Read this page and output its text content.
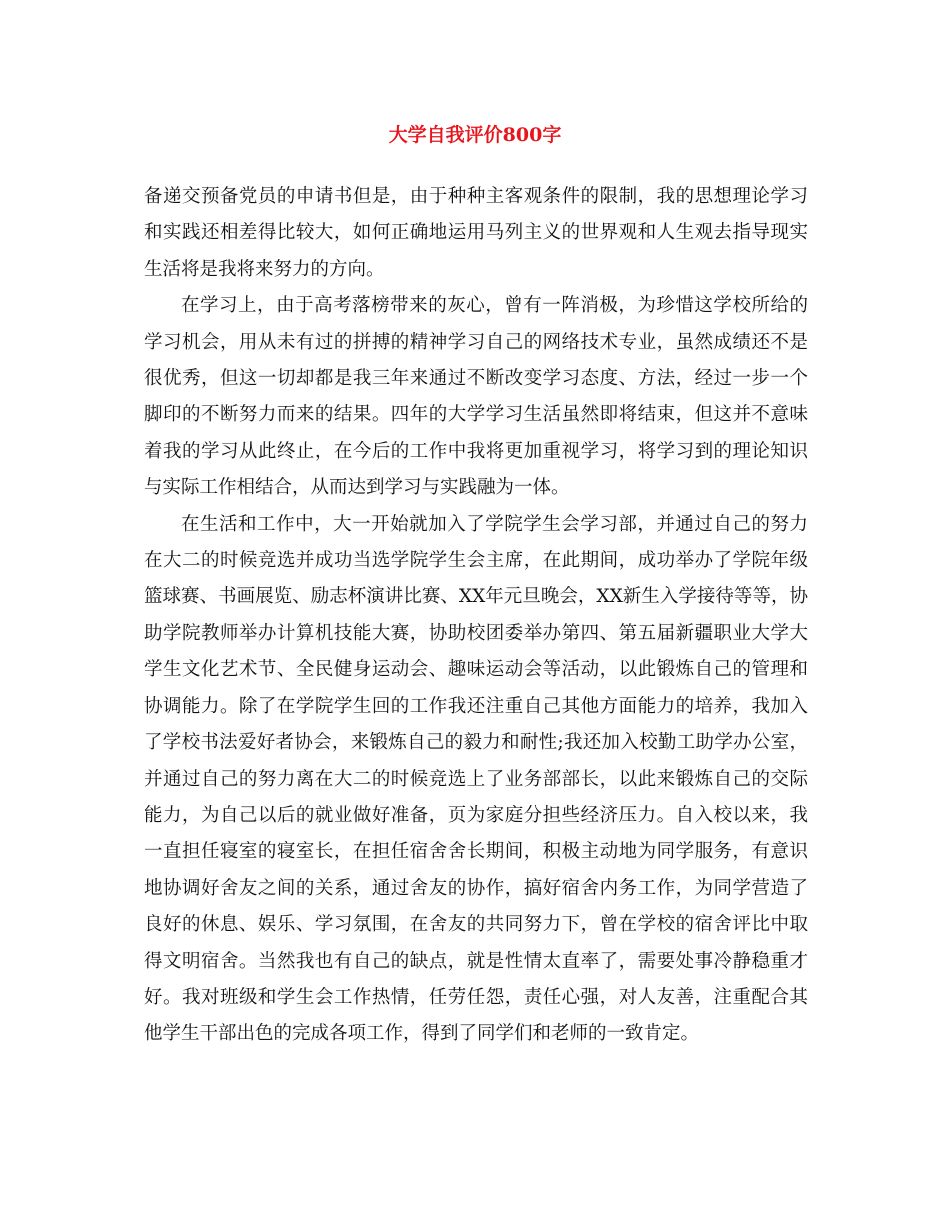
大学自我评价800字

备递交预备党员的申请书但是，由于种种主客观条件的限制，我的思想理论学习和实践还相差得比较大，如何正确地运用马列主义的世界观和人生观去指导现实生活将是我将来努力的方向。

在学习上，由于高考落榜带来的灰心，曾有一阵消极，为珍惜这学校所给的学习机会，用从未有过的拼搏的精神学习自己的网络技术专业，虽然成绩还不是很优秀，但这一切却都是我三年来通过不断改变学习态度、方法，经过一步一个脚印的不断努力而来的结果。四年的大学学习生活虽然即将结束，但这并不意味着我的学习从此终止，在今后的工作中我将更加重视学习，将学习到的理论知识与实际工作相结合，从而达到学习与实践融为一体。

在生活和工作中，大一开始就加入了学院学生会学习部，并通过自己的努力在大二的时候竞选并成功当选学院学生会主席，在此期间，成功举办了学院年级篮球赛、书画展览、励志杯演讲比赛、XX年元旦晚会，XX新生入学接待等等，协助学院教师举办计算机技能大赛，协助校团委举办第四、第五届新疆职业大学大学生文化艺术节、全民健身运动会、趣味运动会等活动，以此锻炼自己的管理和协调能力。除了在学院学生回的工作我还注重自己其他方面能力的培养，我加入了学校书法爱好者协会，来锻炼自己的毅力和耐性;我还加入校勤工助学办公室，并通过自己的努力离在大二的时候竞选上了业务部部长，以此来锻炼自己的交际能力，为自己以后的就业做好准备，页为家庭分担些经济压力。自入校以来，我一直担任寝室的寝室长，在担任宿舍舍长期间，积极主动地为同学服务，有意识地协调好舍友之间的关系，通过舍友的协作，搞好宿舍内务工作，为同学营造了良好的休息、娱乐、学习氛围，在舍友的共同努力下，曾在学校的宿舍评比中取得文明宿舍。当然我也有自己的缺点，就是性情太直率了，需要处事冷静稳重才好。我对班级和学生会工作热情，任劳任怨，责任心强，对人友善，注重配合其他学生干部出色的完成各项工作，得到了同学们和老师的一致肯定。
